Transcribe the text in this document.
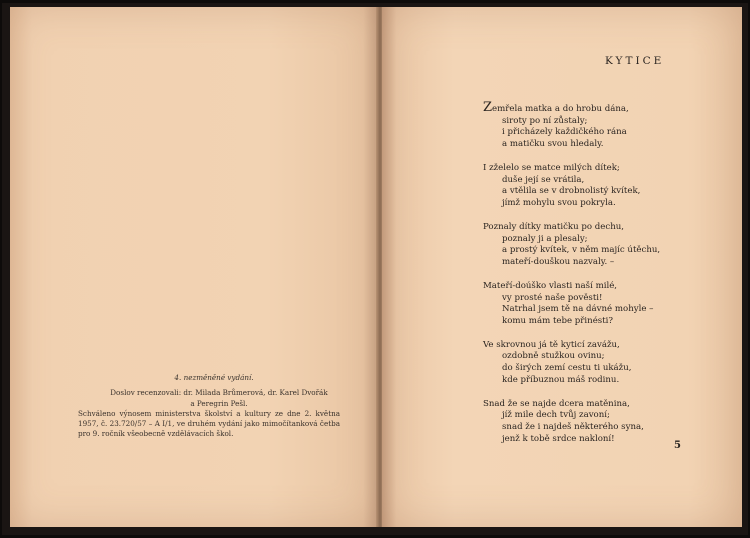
4. nezměněné vydání.
Doslov recenzovali: dr. Milada Brůmerová, dr. Karel Dvořák
a Peregrin Pešl.
Schváleno výnosem ministerstva školství a kultury ze dne 2. května 1957, č. 23.720/57 – A I/1, ve druhém vydání jako mimočítanková četba pro 9. ročník všeobecně vzdělávacích škol.
KYTICE
Zemřela matka a do hrobu dána,
siroty po ní zůstaly;
i přicházely každičkého rána
a matičku svou hledaly.
I zželelo se matce milých dítek;
duše její se vrátila,
a vtělila se v drobnolistý kvítek,
jímž mohylu svou pokryla.
Poznaly dítky matičku po dechu,
poznaly ji a plesaly;
a prostý kvítek, v něm majíc útěchu,
mateří-douškou nazvaly. –
Mateří-doúško vlasti naší milé,
vy prosté naše pověsti!
Natrhal jsem tě na dávné mohyle –
komu mám tebe přinésti?
Ve skrovnou já tě kyticí zavážu,
ozdobně stužkou ovinu;
do širých zemí cestu ti ukážu,
kde příbuznou máš rodinu.
Snad že se najde dcera matěnina,
jíž mile dech tvůj zavoní;
snad že i najdeš některého syna,
jenž k tobě srdce nakloní!
5
